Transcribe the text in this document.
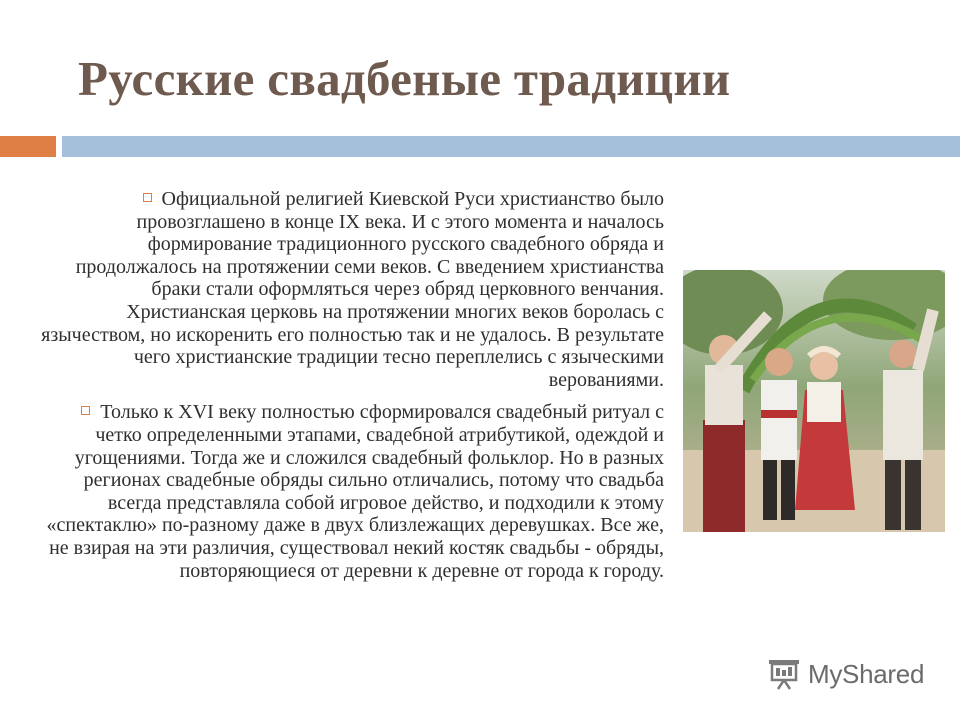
Русские свадбеные традиции

Официальной религией Киевской Руси христианство было провозглашено в конце IX века. И с этого момента и началось формирование традиционного русского свадебного обряда и продолжалось на протяжении семи веков. С введением христианства браки стали оформляться через обряд церковного венчания. Христианская церковь на протяжении многих веков боролась с язычеством, но искоренить его полностью так и не удалось. В результате чего христианские традиции тесно переплелись с языческими верованиями.

Только к XVI веку полностью сформировался свадебный ритуал с четко определенными этапами, свадебной атрибутикой, одеждой и угощениями. Тогда же и сложился свадебный фольклор. Но в разных регионах свадебные обряды сильно отличались, потому что свадьба всегда представляла собой игровое действо, и подходили к этому «спектаклю» по-разному даже в двух близлежащих деревушках. Все же, не взирая на эти различия, существовал некий костяк свадьбы - обряды, повторяющиеся от деревни к деревне от города к городу.

MyShared
